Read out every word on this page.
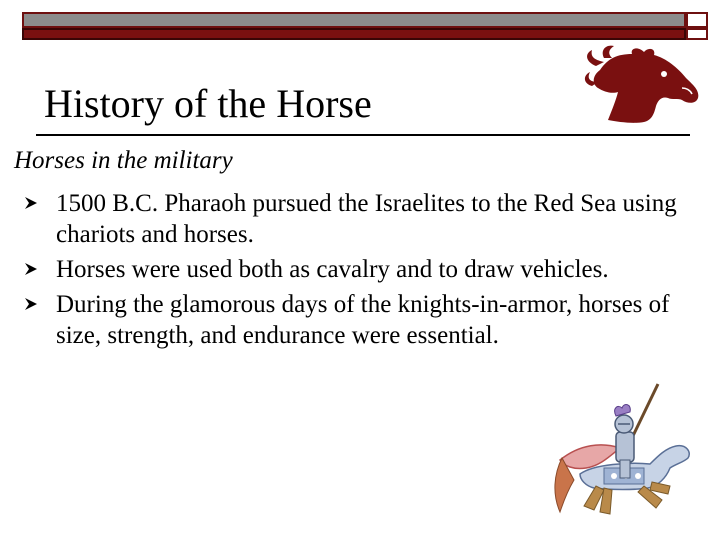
History of the Horse
Horses in the military
1500 B.C. Pharaoh pursued the Israelites to the Red Sea using chariots and horses.
Horses were used both as cavalry and to draw vehicles.
During the glamorous days of the knights-in-armor, horses of size, strength, and endurance were essential.
